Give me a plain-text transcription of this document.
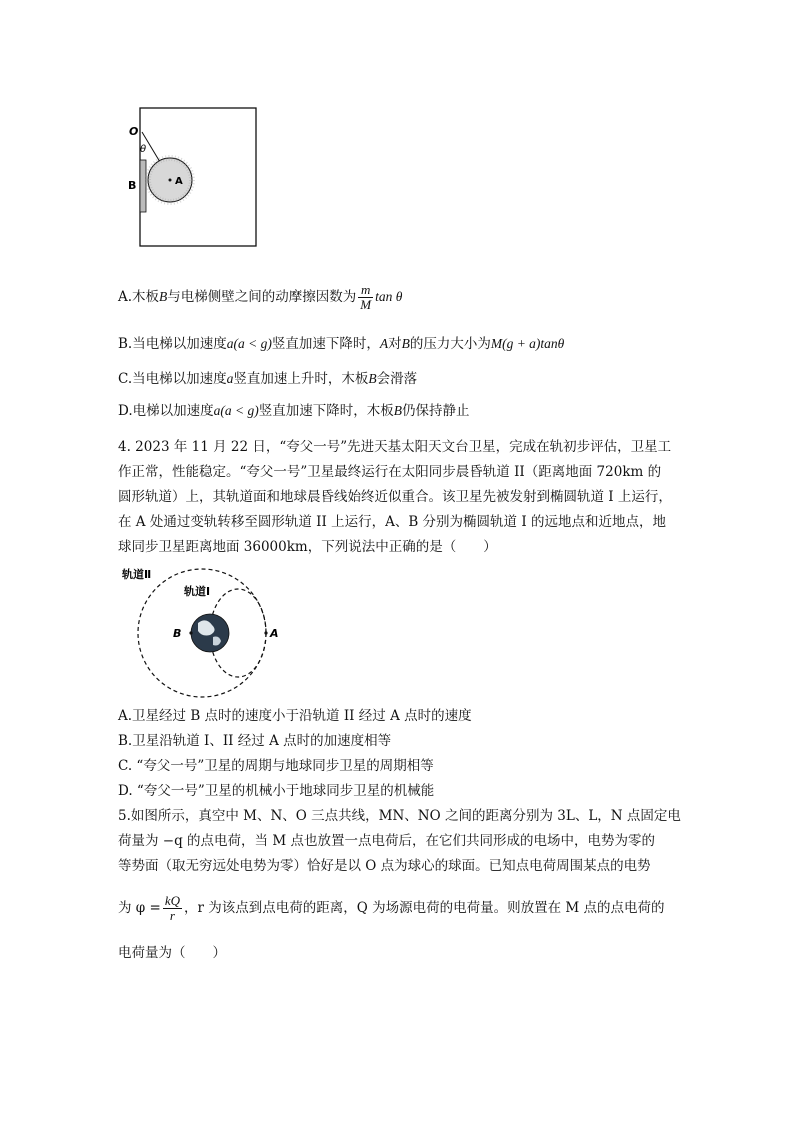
O
θ
B	A
A.木板B与电梯侧壁之间的动摩擦因数为 $\frac{m}{M}$ tan θ
B.当电梯以加速度a(a < g)竖直加速下降时，A对B的压力大小为M(g + a)tanθ
C.当电梯以加速度a竖直加速上升时，木板B会滑落
D.电梯以加速度a(a < g)竖直加速下降时，木板B仍保持静止
4. 2023 年 11 月 22 日，“夸父一号”先进天基太阳天文台卫星，完成在轨初步评估，卫星工
作正常，性能稳定。“夸父一号”卫星最终运行在太阳同步晨昏轨道 II（距离地面 720km 的
圆形轨道）上，其轨道面和地球晨昏线始终近似重合。该卫星先被发射到椭圆轨道 I 上运行，
在 A 处通过变轨转移至圆形轨道 II 上运行，A、B 分别为椭圆轨道 I 的远地点和近地点，地
球同步卫星距离地面 36000km，下列说法中正确的是（　　）
轨道Ⅱ
轨道Ⅰ
B	A
A.卫星经过 B 点时的速度小于沿轨道 II 经过 A 点时的速度
B.卫星沿轨道 I、II 经过 A 点时的加速度相等
C. “夸父一号”卫星的周期与地球同步卫星的周期相等
D. “夸父一号”卫星的机械小于地球同步卫星的机械能
5.如图所示，真空中 M、N、O 三点共线，MN、NO 之间的距离分别为 3L、L，N 点固定电
荷量为 −q 的点电荷，当 M 点也放置一点电荷后，在它们共同形成的电场中，电势为零的
等势面（取无穷远处电势为零）恰好是以 O 点为球心的球面。已知点电荷周围某点的电势
为 $\varphi = \frac{kQ}{r}$ ，r 为该点到点电荷的距离，Q 为场源电荷的电荷量。则放置在 M 点的点电荷的
电荷量为（　　）
